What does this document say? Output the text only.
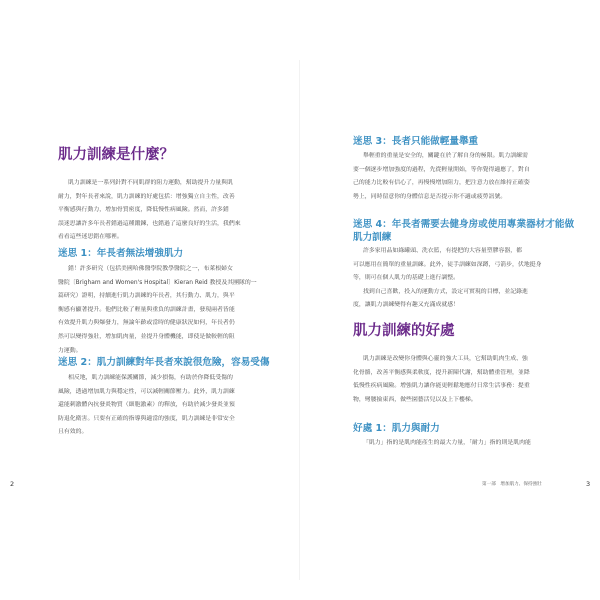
肌力訓練是什麼？
肌力訓練是一系列針對不同肌群的阻力運動，幫助提升力量與肌
耐力，對年長者來說，肌力訓練的好處包括：增強獨立自主性，改善
平衡感與行動力，增加骨質密度，降低慢性病風險。然而，許多錯
誤迷思讓許多年長者錯過這種鍛鍊，也錯過了這麼良好的生活，我們來
看看這些迷思錯在哪裡。
迷思 1：年長者無法增強肌力
錯！許多研究（包括美國哈佛醫學院教學醫院之一，布萊根婦女
醫院〔Brigham and Women's Hospital〕Kieran Reid 教授及其團隊的一
篇研究）證明，持續進行肌力訓練的年長者，其行動力、肌力，與平
衡感有顯著提升。他們比較了輕量與重負的訓練計畫，發現兩者皆能
有效提升肌力與爆發力，無論年齡或當時的健康狀況如何，年長者仍
然可以變得強壯，增加肌肉量，並提升身體機能，即使是做較輕的阻
力運動。
迷思 2：肌力訓練對年長者來說很危險，容易受傷
相反地，肌力訓練能保護關節，減少損傷，有助於你降低受傷的
風險，透過增加肌力與穩定性，可以減輕關節壓力。此外，肌力訓練
還能刺激體內抗發炎物質（細胞激素）的釋放，有助於減少發炎並預
防退化衛害。只要有正確的指導與適當的強度，肌力訓練是非常安全
且有效的。
2
迷思 3：長者只能做輕量舉重
舉輕重的重量是安全的，關鍵在於了解自身的極限。肌力訓練需
要一個逐步增加強度的過程，先從輕量開始，等你覺得適應了，對自
己的能力比較有信心了，再慢慢增加阻力，把注意力放在維持正確姿
勢上，同時留意你的身體信息是否提示你不適或疲勞訊號。
迷思 4：年長者需要去健身房或使用專業器材才能做
肌力訓練
許多家用品如綠罐頭、洗衣籃，有提把的大容量塑膠容器，都
可以應用在簡單的重量訓練。此外，徒手訓練如深蹲，弓箭步，伏地挺身
等，則可在個人肌力的基礎上進行調整。
找到自己喜歡，投入的運動方式，設定可實現的目標，並記錄進
度，讓肌力訓練變得有趣又充滿成就感！
肌力訓練的好處
肌力訓練是改變你身體與心靈的強大工具，它幫助肌肉生成、強
化骨骼，改善平衡感與柔軟度，提升新陳代謝，幫助體重管理，並降
低慢性疾病風險。增強肌力讓你能更輕鬆地應付日常生活事務：提重
物，彎腰撿東西，做些園藝活兒以及上下樓梯。
好處 1：肌力與耐力
「肌力」指的是肌肉能產生的最大力量，「耐力」指的則是肌肉能
第一部　增加肌力、保持強壯	3
